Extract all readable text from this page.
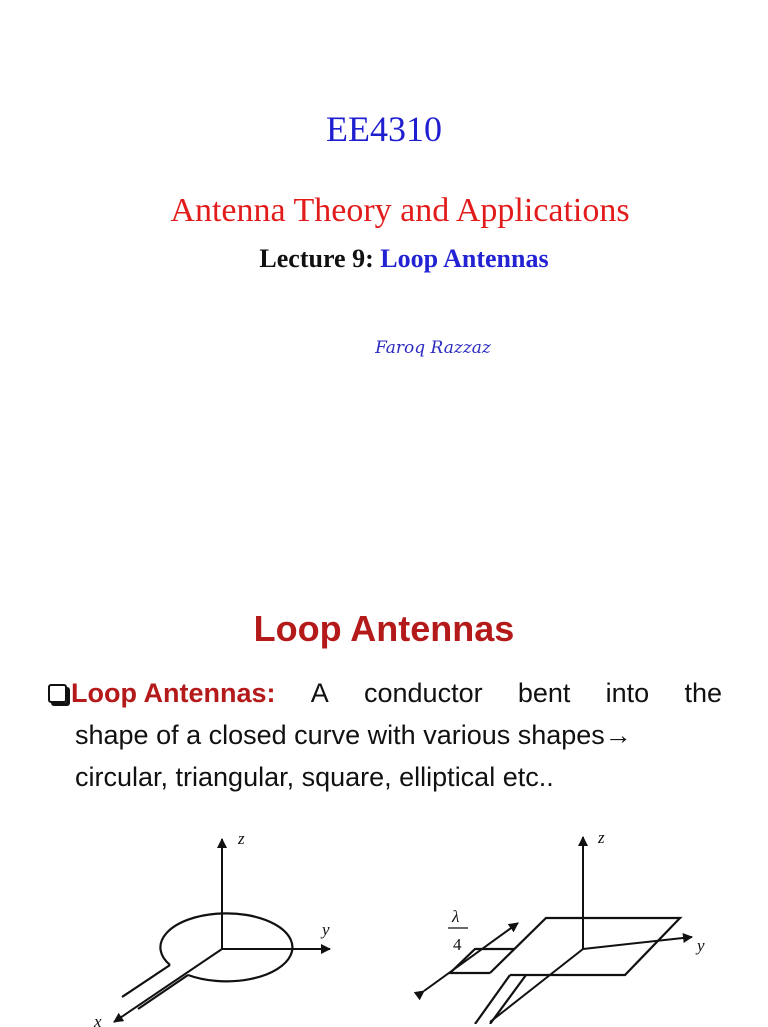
EE4310
Antenna Theory and Applications
Lecture 9: Loop Antennas
Faroq Razzaz
Loop Antennas
Loop Antennas: A conductor bent into the
shape of a closed curve with various shapes→
circular, triangular, square, elliptical etc..
z
y
x
z
y
λ
4
